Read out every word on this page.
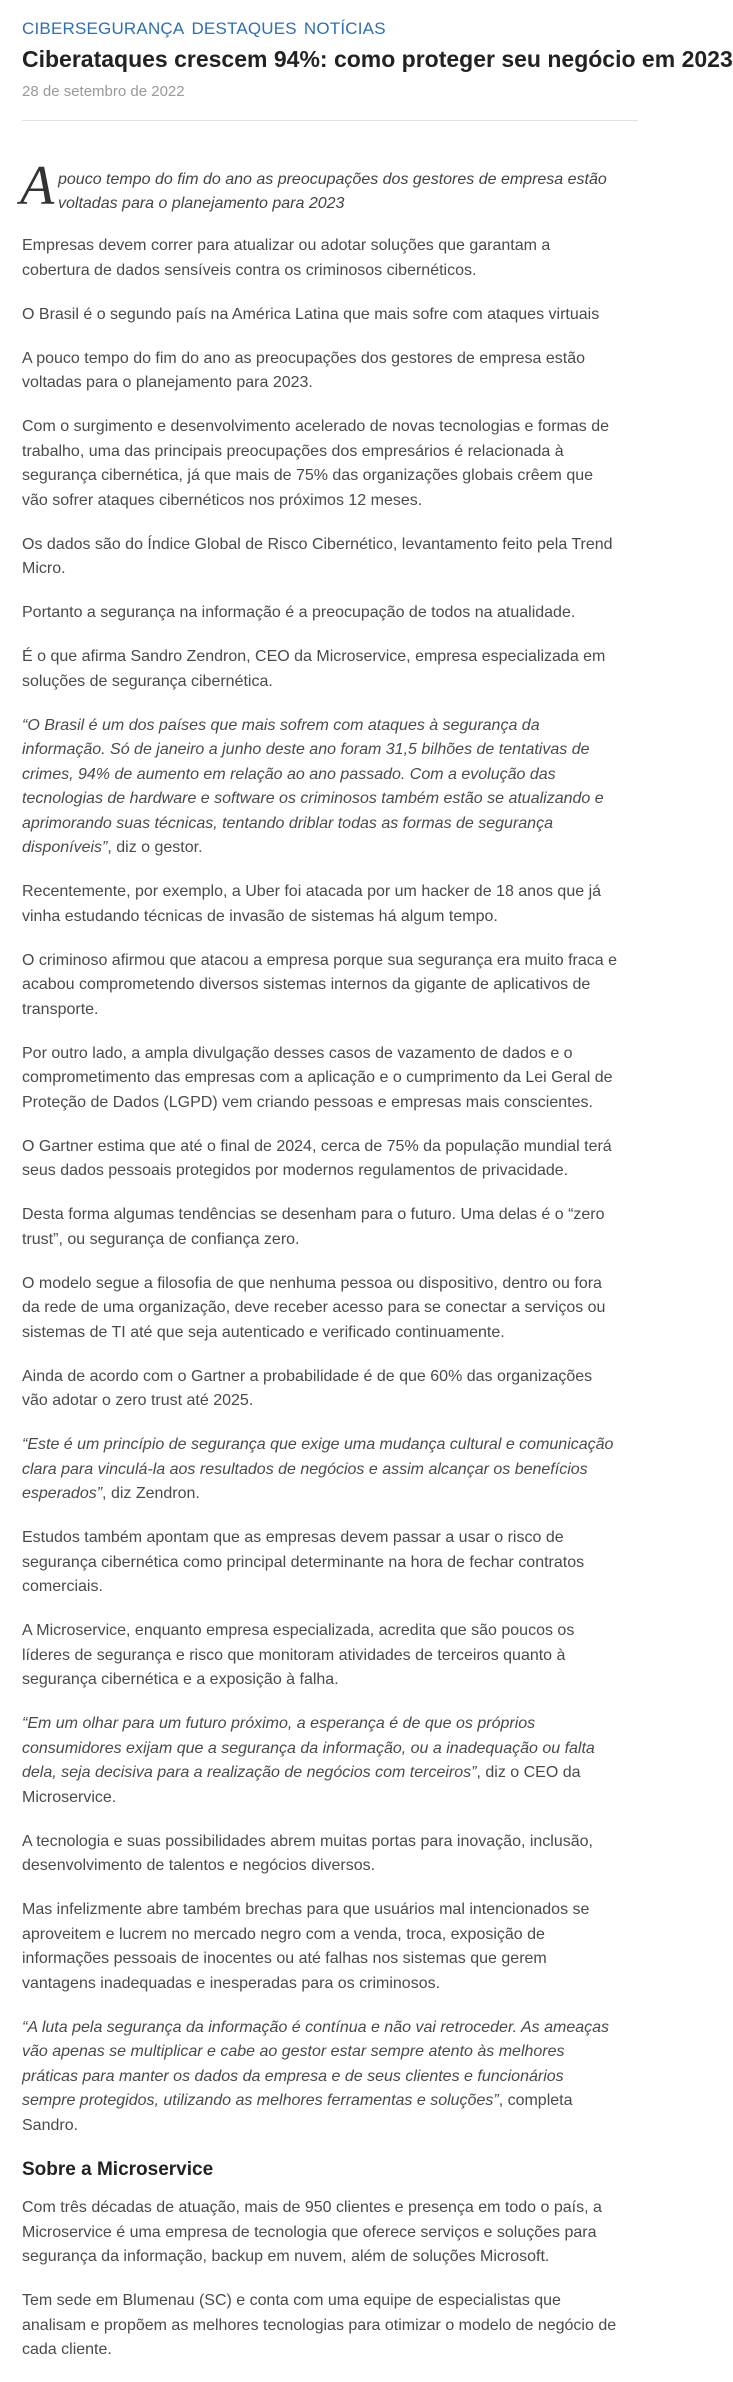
CIBERSEGURANÇA DESTAQUES NOTÍCIAS
Ciberataques crescem 94%: como proteger seu negócio em 2023
28 de setembro de 2022
A pouco tempo do fim do ano as preocupações dos gestores de empresa estão voltadas para o planejamento para 2023

Empresas devem correr para atualizar ou adotar soluções que garantam a cobertura de dados sensíveis contra os criminosos cibernéticos.

O Brasil é o segundo país na América Latina que mais sofre com ataques virtuais

A pouco tempo do fim do ano as preocupações dos gestores de empresa estão voltadas para o planejamento para 2023.

Com o surgimento e desenvolvimento acelerado de novas tecnologias e formas de trabalho, uma das principais preocupações dos empresários é relacionada à segurança cibernética, já que mais de 75% das organizações globais crêem que vão sofrer ataques cibernéticos nos próximos 12 meses.

Os dados são do Índice Global de Risco Cibernético, levantamento feito pela Trend Micro.

Portanto a segurança na informação é a preocupação de todos na atualidade.

É o que afirma Sandro Zendron, CEO da Microservice, empresa especializada em soluções de segurança cibernética.

“O Brasil é um dos países que mais sofrem com ataques à segurança da informação. Só de janeiro a junho deste ano foram 31,5 bilhões de tentativas de crimes, 94% de aumento em relação ao ano passado. Com a evolução das tecnologias de hardware e software os criminosos também estão se atualizando e aprimorando suas técnicas, tentando driblar todas as formas de segurança disponíveis”, diz o gestor.

Recentemente, por exemplo, a Uber foi atacada por um hacker de 18 anos que já vinha estudando técnicas de invasão de sistemas há algum tempo.

O criminoso afirmou que atacou a empresa porque sua segurança era muito fraca e acabou comprometendo diversos sistemas internos da gigante de aplicativos de transporte.

Por outro lado, a ampla divulgação desses casos de vazamento de dados e o comprometimento das empresas com a aplicação e o cumprimento da Lei Geral de Proteção de Dados (LGPD) vem criando pessoas e empresas mais conscientes.

O Gartner estima que até o final de 2024, cerca de 75% da população mundial terá seus dados pessoais protegidos por modernos regulamentos de privacidade.

Desta forma algumas tendências se desenham para o futuro. Uma delas é o “zero trust”, ou segurança de confiança zero.

O modelo segue a filosofia de que nenhuma pessoa ou dispositivo, dentro ou fora da rede de uma organização, deve receber acesso para se conectar a serviços ou sistemas de TI até que seja autenticado e verificado continuamente.

Ainda de acordo com o Gartner a probabilidade é de que 60% das organizações vão adotar o zero trust até 2025.

“Este é um princípio de segurança que exige uma mudança cultural e comunicação clara para vinculá-la aos resultados de negócios e assim alcançar os benefícios esperados”, diz Zendron.

Estudos também apontam que as empresas devem passar a usar o risco de segurança cibernética como principal determinante na hora de fechar contratos comerciais.

A Microservice, enquanto empresa especializada, acredita que são poucos os líderes de segurança e risco que monitoram atividades de terceiros quanto à segurança cibernética e a exposição à falha.

“Em um olhar para um futuro próximo, a esperança é de que os próprios consumidores exijam que a segurança da informação, ou a inadequação ou falta dela, seja decisiva para a realização de negócios com terceiros”, diz o CEO da Microservice.

A tecnologia e suas possibilidades abrem muitas portas para inovação, inclusão, desenvolvimento de talentos e negócios diversos.

Mas infelizmente abre também brechas para que usuários mal intencionados se aproveitem e lucrem no mercado negro com a venda, troca, exposição de informações pessoais de inocentes ou até falhas nos sistemas que gerem vantagens inadequadas e inesperadas para os criminosos.

“A luta pela segurança da informação é contínua e não vai retroceder. As ameaças vão apenas se multiplicar e cabe ao gestor estar sempre atento às melhores práticas para manter os dados da empresa e de seus clientes e funcionários sempre protegidos, utilizando as melhores ferramentas e soluções”, completa Sandro.

Sobre a Microservice

Com três décadas de atuação, mais de 950 clientes e presença em todo o país, a Microservice é uma empresa de tecnologia que oferece serviços e soluções para segurança da informação, backup em nuvem, além de soluções Microsoft.

Tem sede em Blumenau (SC) e conta com uma equipe de especialistas que analisam e propõem as melhores tecnologias para otimizar o modelo de negócio de cada cliente.
